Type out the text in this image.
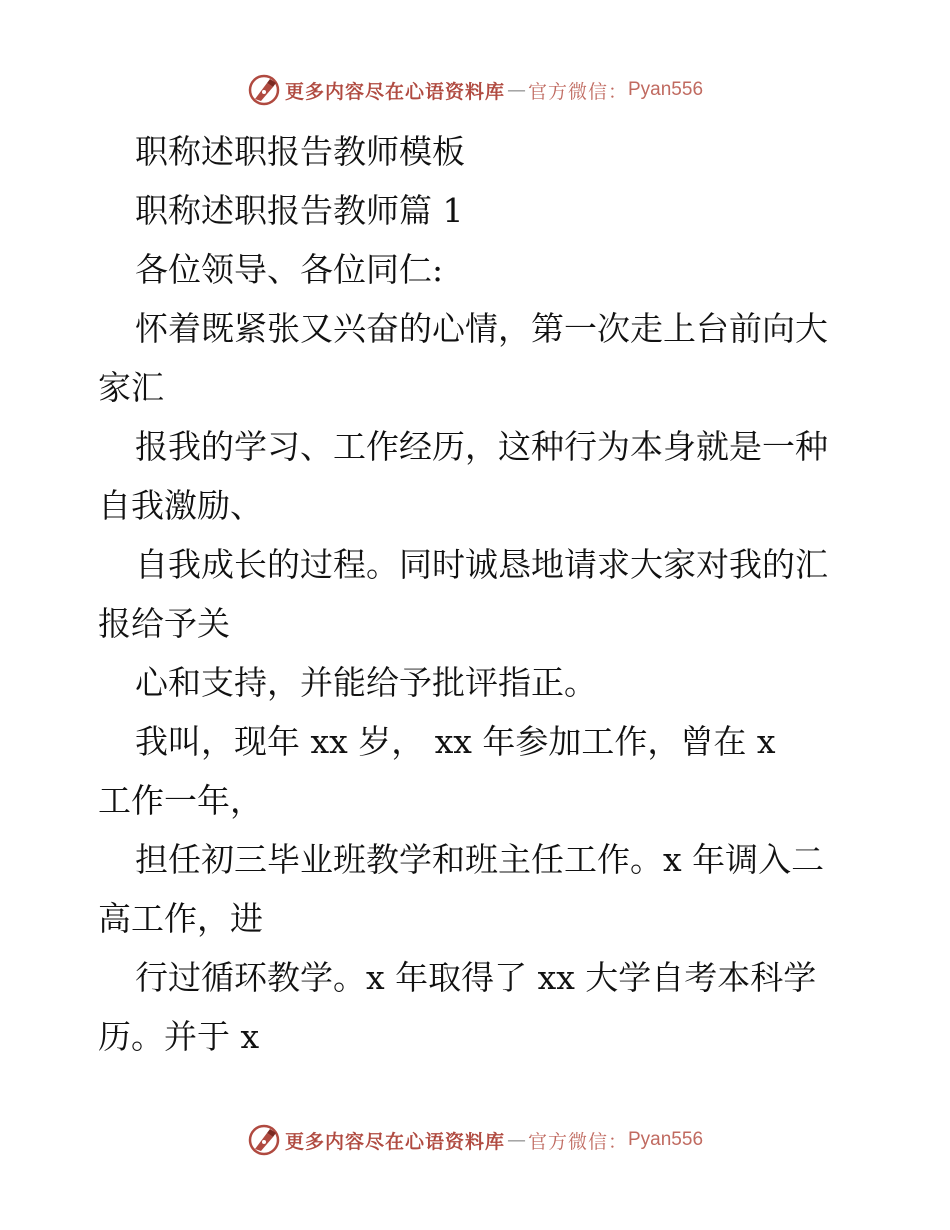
更多内容尽在心语资料库 — 官方微信： Pyan556
职称述职报告教师模板
职称述职报告教师篇 1
各位领导、各位同仁:
怀着既紧张又兴奋的心情，第一次走上台前向大
家汇
报我的学习、工作经历，这种行为本身就是一种
自我激励、
自我成长的过程。同时诚恳地请求大家对我的汇
报给予关
心和支持，并能给予批评指正。
我叫，现年 xx 岁， xx 年参加工作，曾在 x
工作一年，
担任初三毕业班教学和班主任工作。x 年调入二
高工作，进
行过循环教学。x 年取得了 xx 大学自考本科学
历。并于 x
更多内容尽在心语资料库 — 官方微信： Pyan556
